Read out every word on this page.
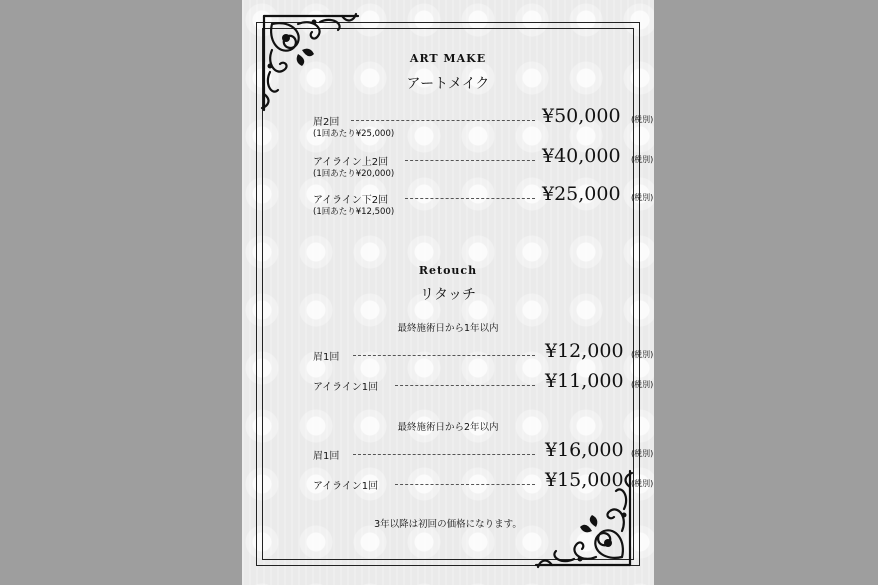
ART MAKE
アートメイク
眉2回	¥50,000 (税別)
(1回あたり¥25,000)
アイライン上2回	¥40,000 (税別)
(1回あたり¥20,000)
アイライン下2回	¥25,000 (税別)
(1回あたり¥12,500)
Retouch
リタッチ
最終施術日から1年以内
眉1回	¥12,000 (税別)
アイライン1回	¥11,000 (税別)
最終施術日から2年以内
眉1回	¥16,000 (税別)
アイライン1回	¥15,000 (税別)
3年以降は初回の価格になります。
